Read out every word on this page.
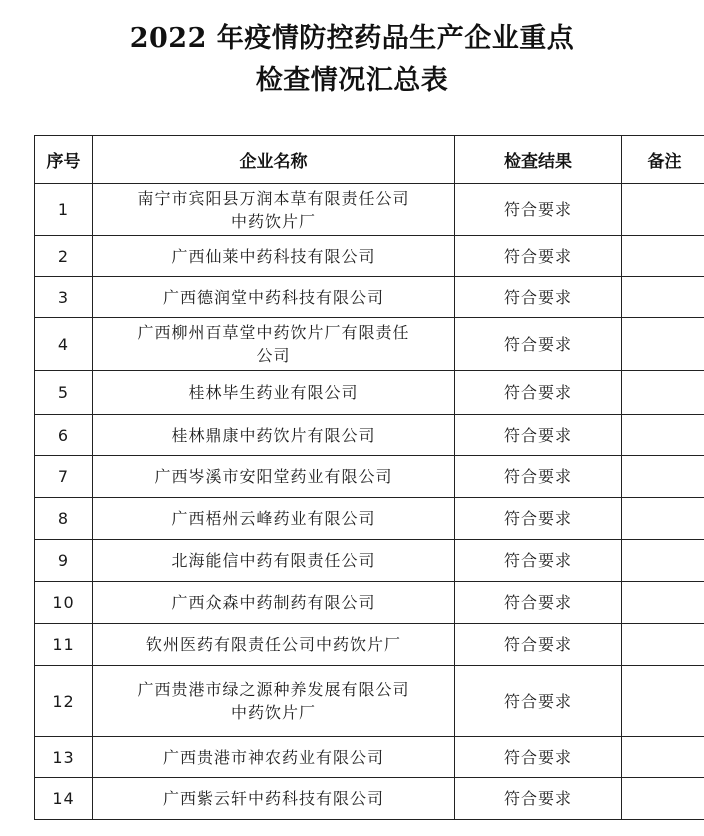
2022 年疫情防控药品生产企业重点
检查情况汇总表
序号	企业名称	检查结果	备注
1	南宁市宾阳县万润本草有限责任公司
中药饮片厂	符合要求	
2	广西仙莱中药科技有限公司	符合要求	
3	广西德润堂中药科技有限公司	符合要求	
4	广西柳州百草堂中药饮片厂有限责任
公司	符合要求	
5	桂林毕生药业有限公司	符合要求	
6	桂林鼎康中药饮片有限公司	符合要求	
7	广西岑溪市安阳堂药业有限公司	符合要求	
8	广西梧州云峰药业有限公司	符合要求	
9	北海能信中药有限责任公司	符合要求	
10	广西众森中药制药有限公司	符合要求	
11	钦州医药有限责任公司中药饮片厂	符合要求	
12	广西贵港市绿之源种养发展有限公司
中药饮片厂	符合要求	
13	广西贵港市神农药业有限公司	符合要求	
14	广西紫云轩中药科技有限公司	符合要求	
